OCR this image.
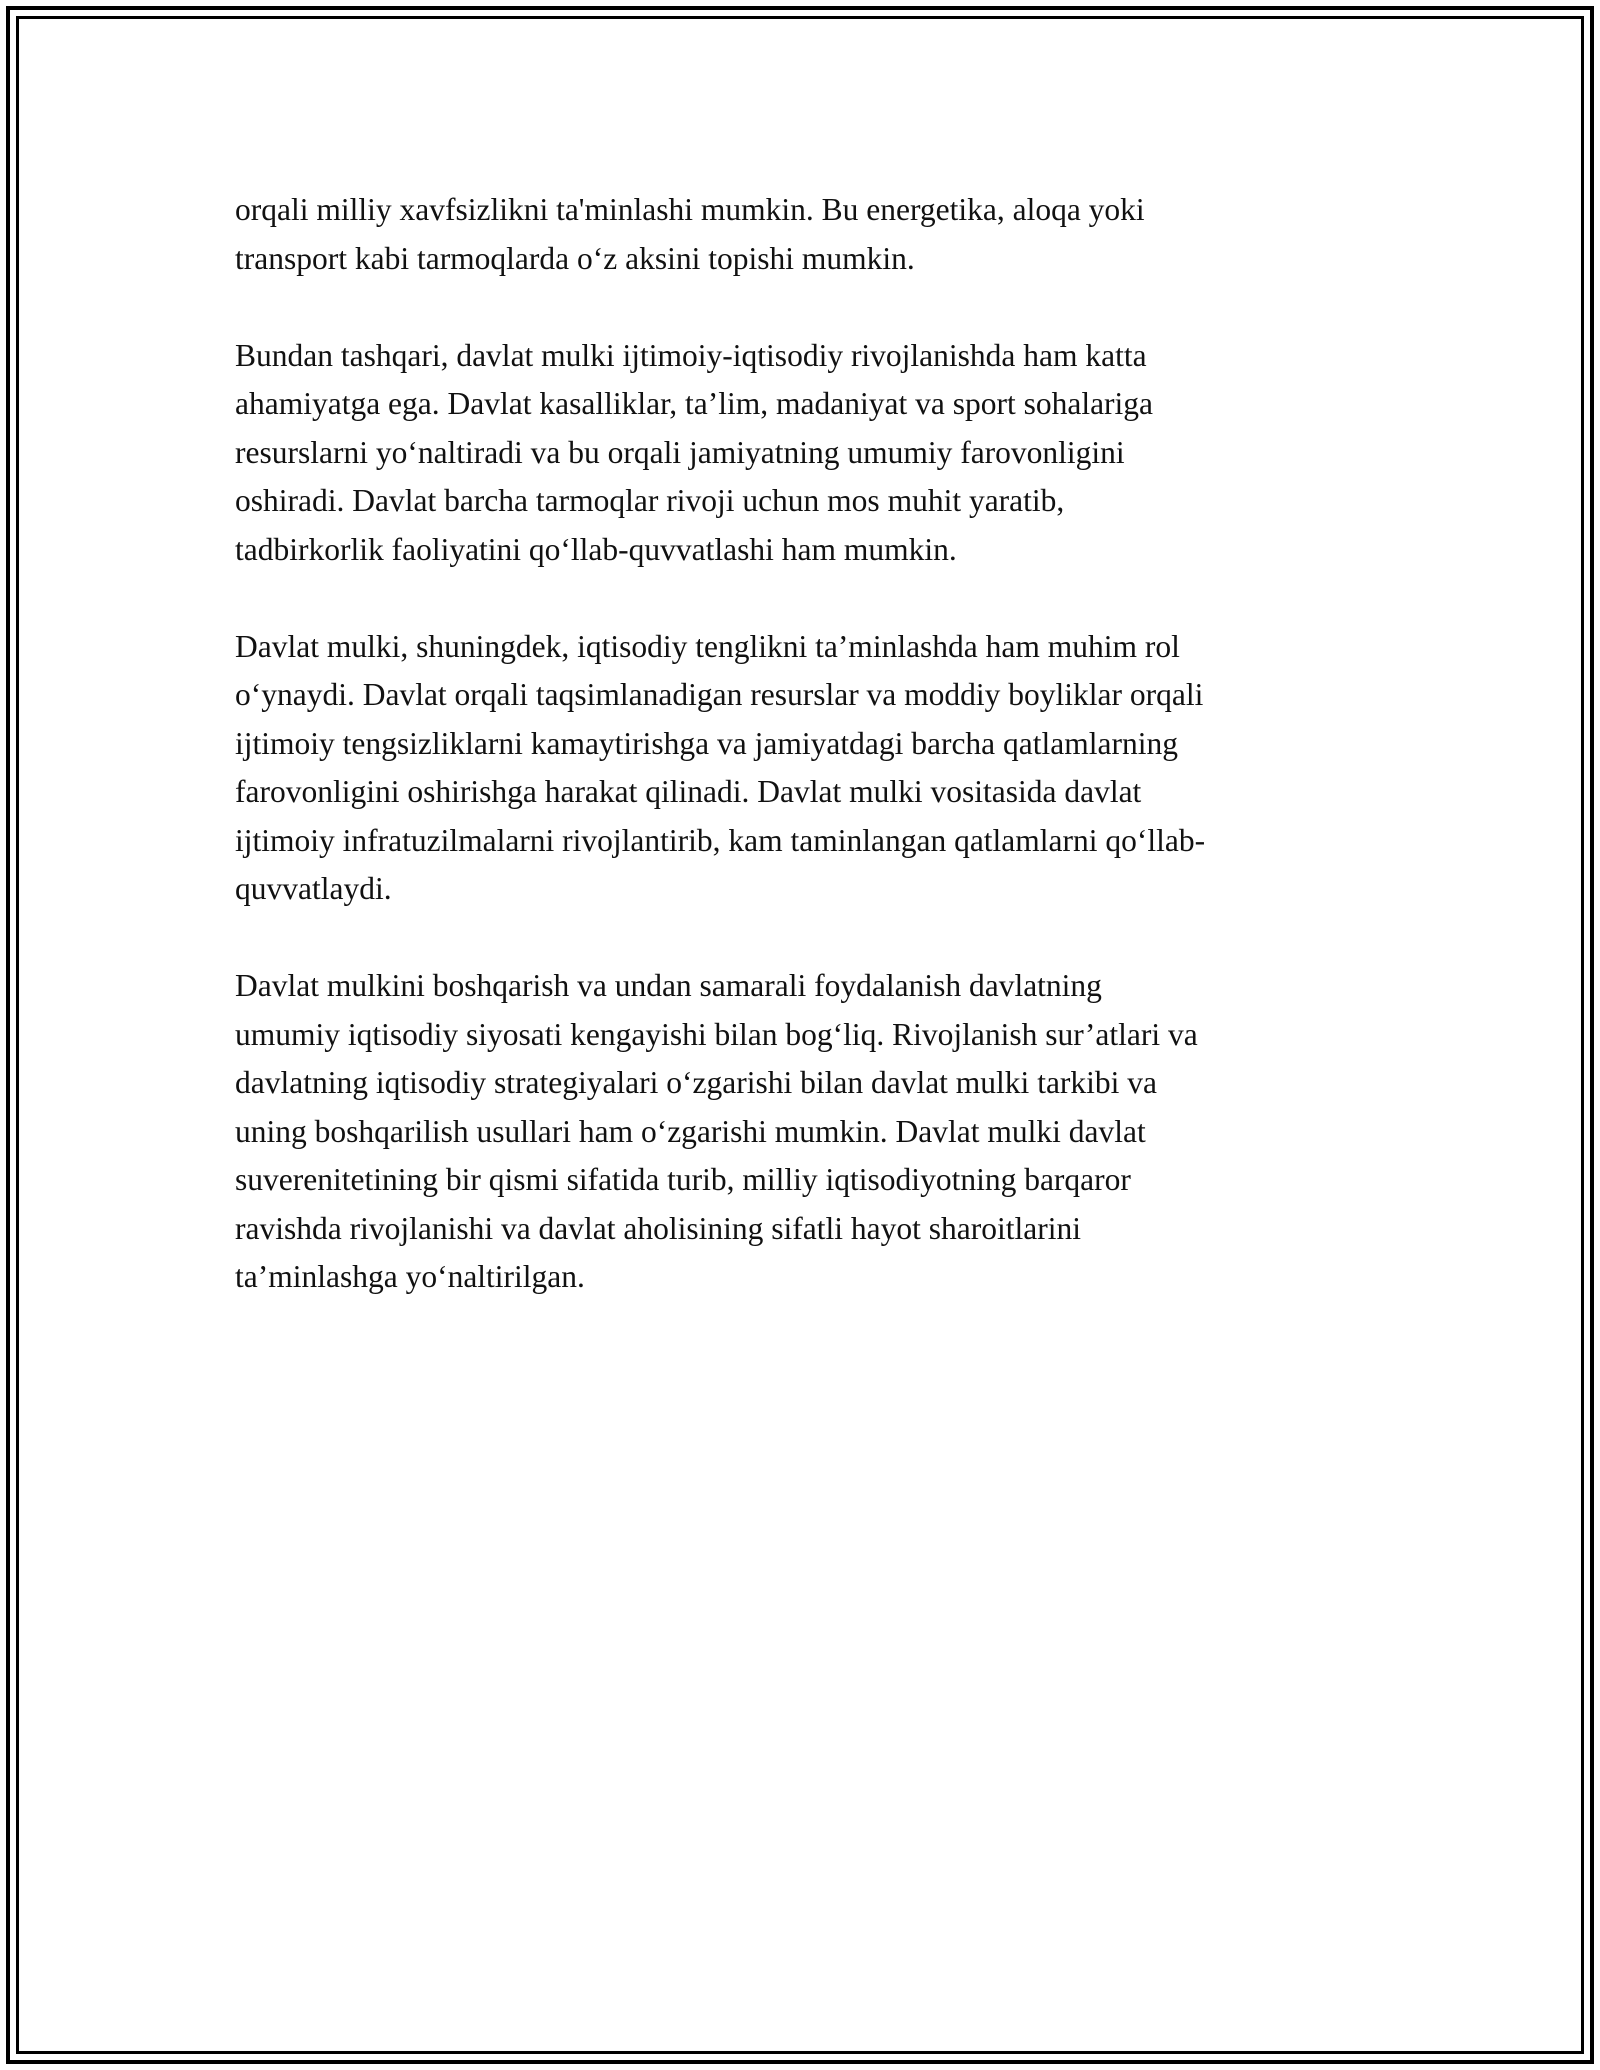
orqali milliy xavfsizlikni ta'minlashi mumkin. Bu energetika, aloqa yoki
transport kabi tarmoqlarda o‘z aksini topishi mumkin.

Bundan tashqari, davlat mulki ijtimoiy-iqtisodiy rivojlanishda ham katta
ahamiyatga ega. Davlat kasalliklar, ta’lim, madaniyat va sport sohalariga
resurslarni yo‘naltiradi va bu orqali jamiyatning umumiy farovonligini
oshiradi. Davlat barcha tarmoqlar rivoji uchun mos muhit yaratib,
tadbirkorlik faoliyatini qo‘llab-quvvatlashi ham mumkin.

Davlat mulki, shuningdek, iqtisodiy tenglikni ta’minlashda ham muhim rol
o‘ynaydi. Davlat orqali taqsimlanadigan resurslar va moddiy boyliklar orqali
ijtimoiy tengsizliklarni kamaytirishga va jamiyatdagi barcha qatlamlarning
farovonligini oshirishga harakat qilinadi. Davlat mulki vositasida davlat
ijtimoiy infratuzilmalarni rivojlantirib, kam taminlangan qatlamlarni qo‘llab-
quvvatlaydi.

Davlat mulkini boshqarish va undan samarali foydalanish davlatning
umumiy iqtisodiy siyosati kengayishi bilan bog‘liq. Rivojlanish sur’atlari va
davlatning iqtisodiy strategiyalari o‘zgarishi bilan davlat mulki tarkibi va
uning boshqarilish usullari ham o‘zgarishi mumkin. Davlat mulki davlat
suverenitetining bir qismi sifatida turib, milliy iqtisodiyotning barqaror
ravishda rivojlanishi va davlat aholisining sifatli hayot sharoitlarini
ta’minlashga yo‘naltirilgan.
